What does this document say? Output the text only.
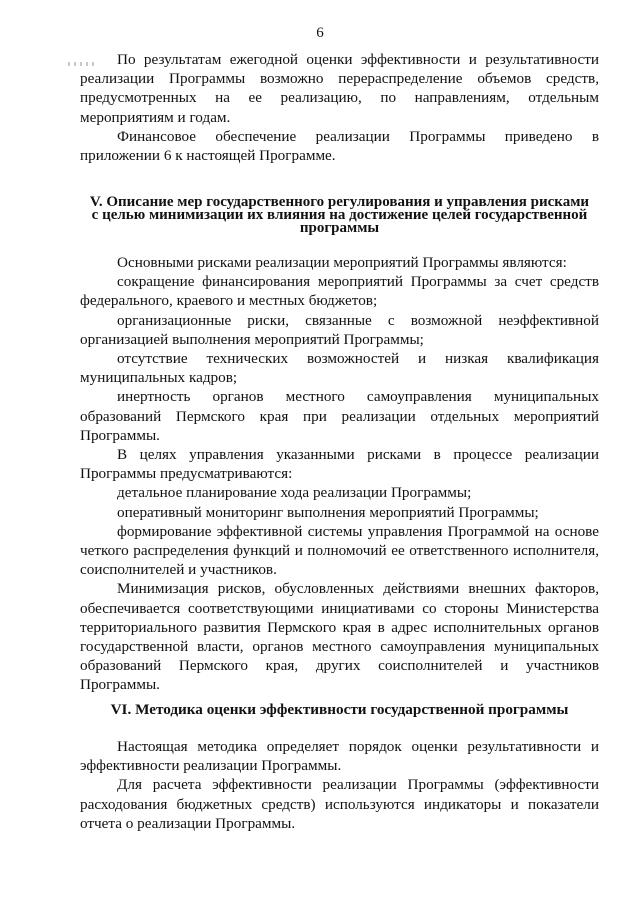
6

По результатам ежегодной оценки эффективности и результативности реализации Программы возможно перераспределение объемов средств, предусмотренных на ее реализацию, по направлениям, отдельным мероприятиям и годам.

Финансовое обеспечение реализации Программы приведено в приложении 6 к настоящей Программе.

V. Описание мер государственного регулирования и управления рисками

с целью минимизации их влияния на достижение целей государственной

программы

Основными рисками реализации мероприятий Программы являются:

сокращение финансирования мероприятий Программы за счет средств федерального, краевого и местных бюджетов;

организационные риски, связанные с возможной неэффективной организацией выполнения мероприятий Программы;

отсутствие технических возможностей и низкая квалификация муниципальных кадров;

инертность органов местного самоуправления муниципальных образований Пермского края при реализации отдельных мероприятий Программы.

В целях управления указанными рисками в процессе реализации Программы предусматриваются:

детальное планирование хода реализации Программы;

оперативный мониторинг выполнения мероприятий Программы;

формирование эффективной системы управления Программой на основе четкого распределения функций и полномочий ее ответственного исполнителя, соисполнителей и участников.

Минимизация рисков, обусловленных действиями внешних факторов, обеспечивается соответствующими инициативами со стороны Министерства территориального развития Пермского края в адрес исполнительных органов государственной власти, органов местного самоуправления муниципальных образований Пермского края, других соисполнителей и участников Программы.

VI. Методика оценки эффективности государственной программы

Настоящая методика определяет порядок оценки результативности и эффективности реализации Программы.

Для расчета эффективности реализации Программы (эффективности расходования бюджетных средств) используются индикаторы и показатели отчета о реализации Программы.
